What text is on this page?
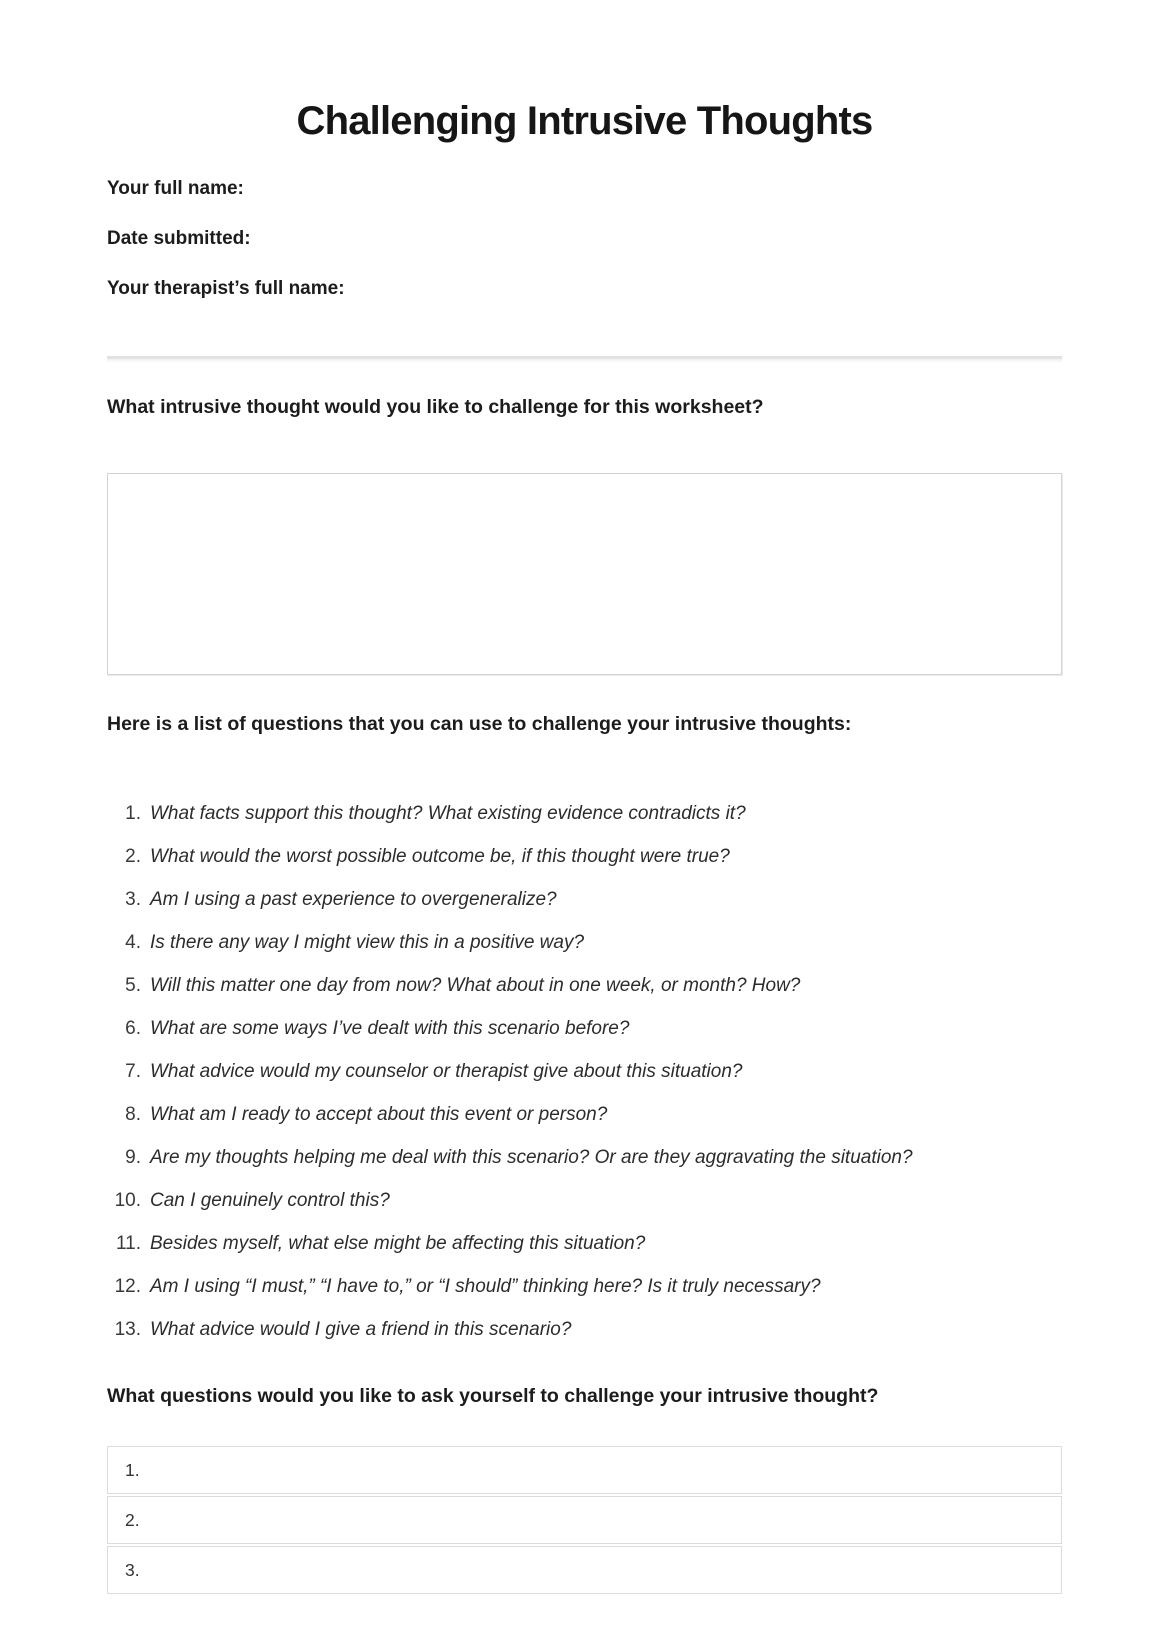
Challenging Intrusive Thoughts

Your full name:

Date submitted:

Your therapist’s full name:

What intrusive thought would you like to challenge for this worksheet?

Here is a list of questions that you can use to challenge your intrusive thoughts:

1. What facts support this thought? What existing evidence contradicts it?
2. What would the worst possible outcome be, if this thought were true?
3. Am I using a past experience to overgeneralize?
4. Is there any way I might view this in a positive way?
5. Will this matter one day from now? What about in one week, or month? How?
6. What are some ways I’ve dealt with this scenario before?
7. What advice would my counselor or therapist give about this situation?
8. What am I ready to accept about this event or person?
9. Are my thoughts helping me deal with this scenario? Or are they aggravating the situation?
10. Can I genuinely control this?
11. Besides myself, what else might be affecting this situation?
12. Am I using “I must,” “I have to,” or “I should” thinking here? Is it truly necessary?
13. What advice would I give a friend in this scenario?

What questions would you like to ask yourself to challenge your intrusive thought?

1.
2.
3.
